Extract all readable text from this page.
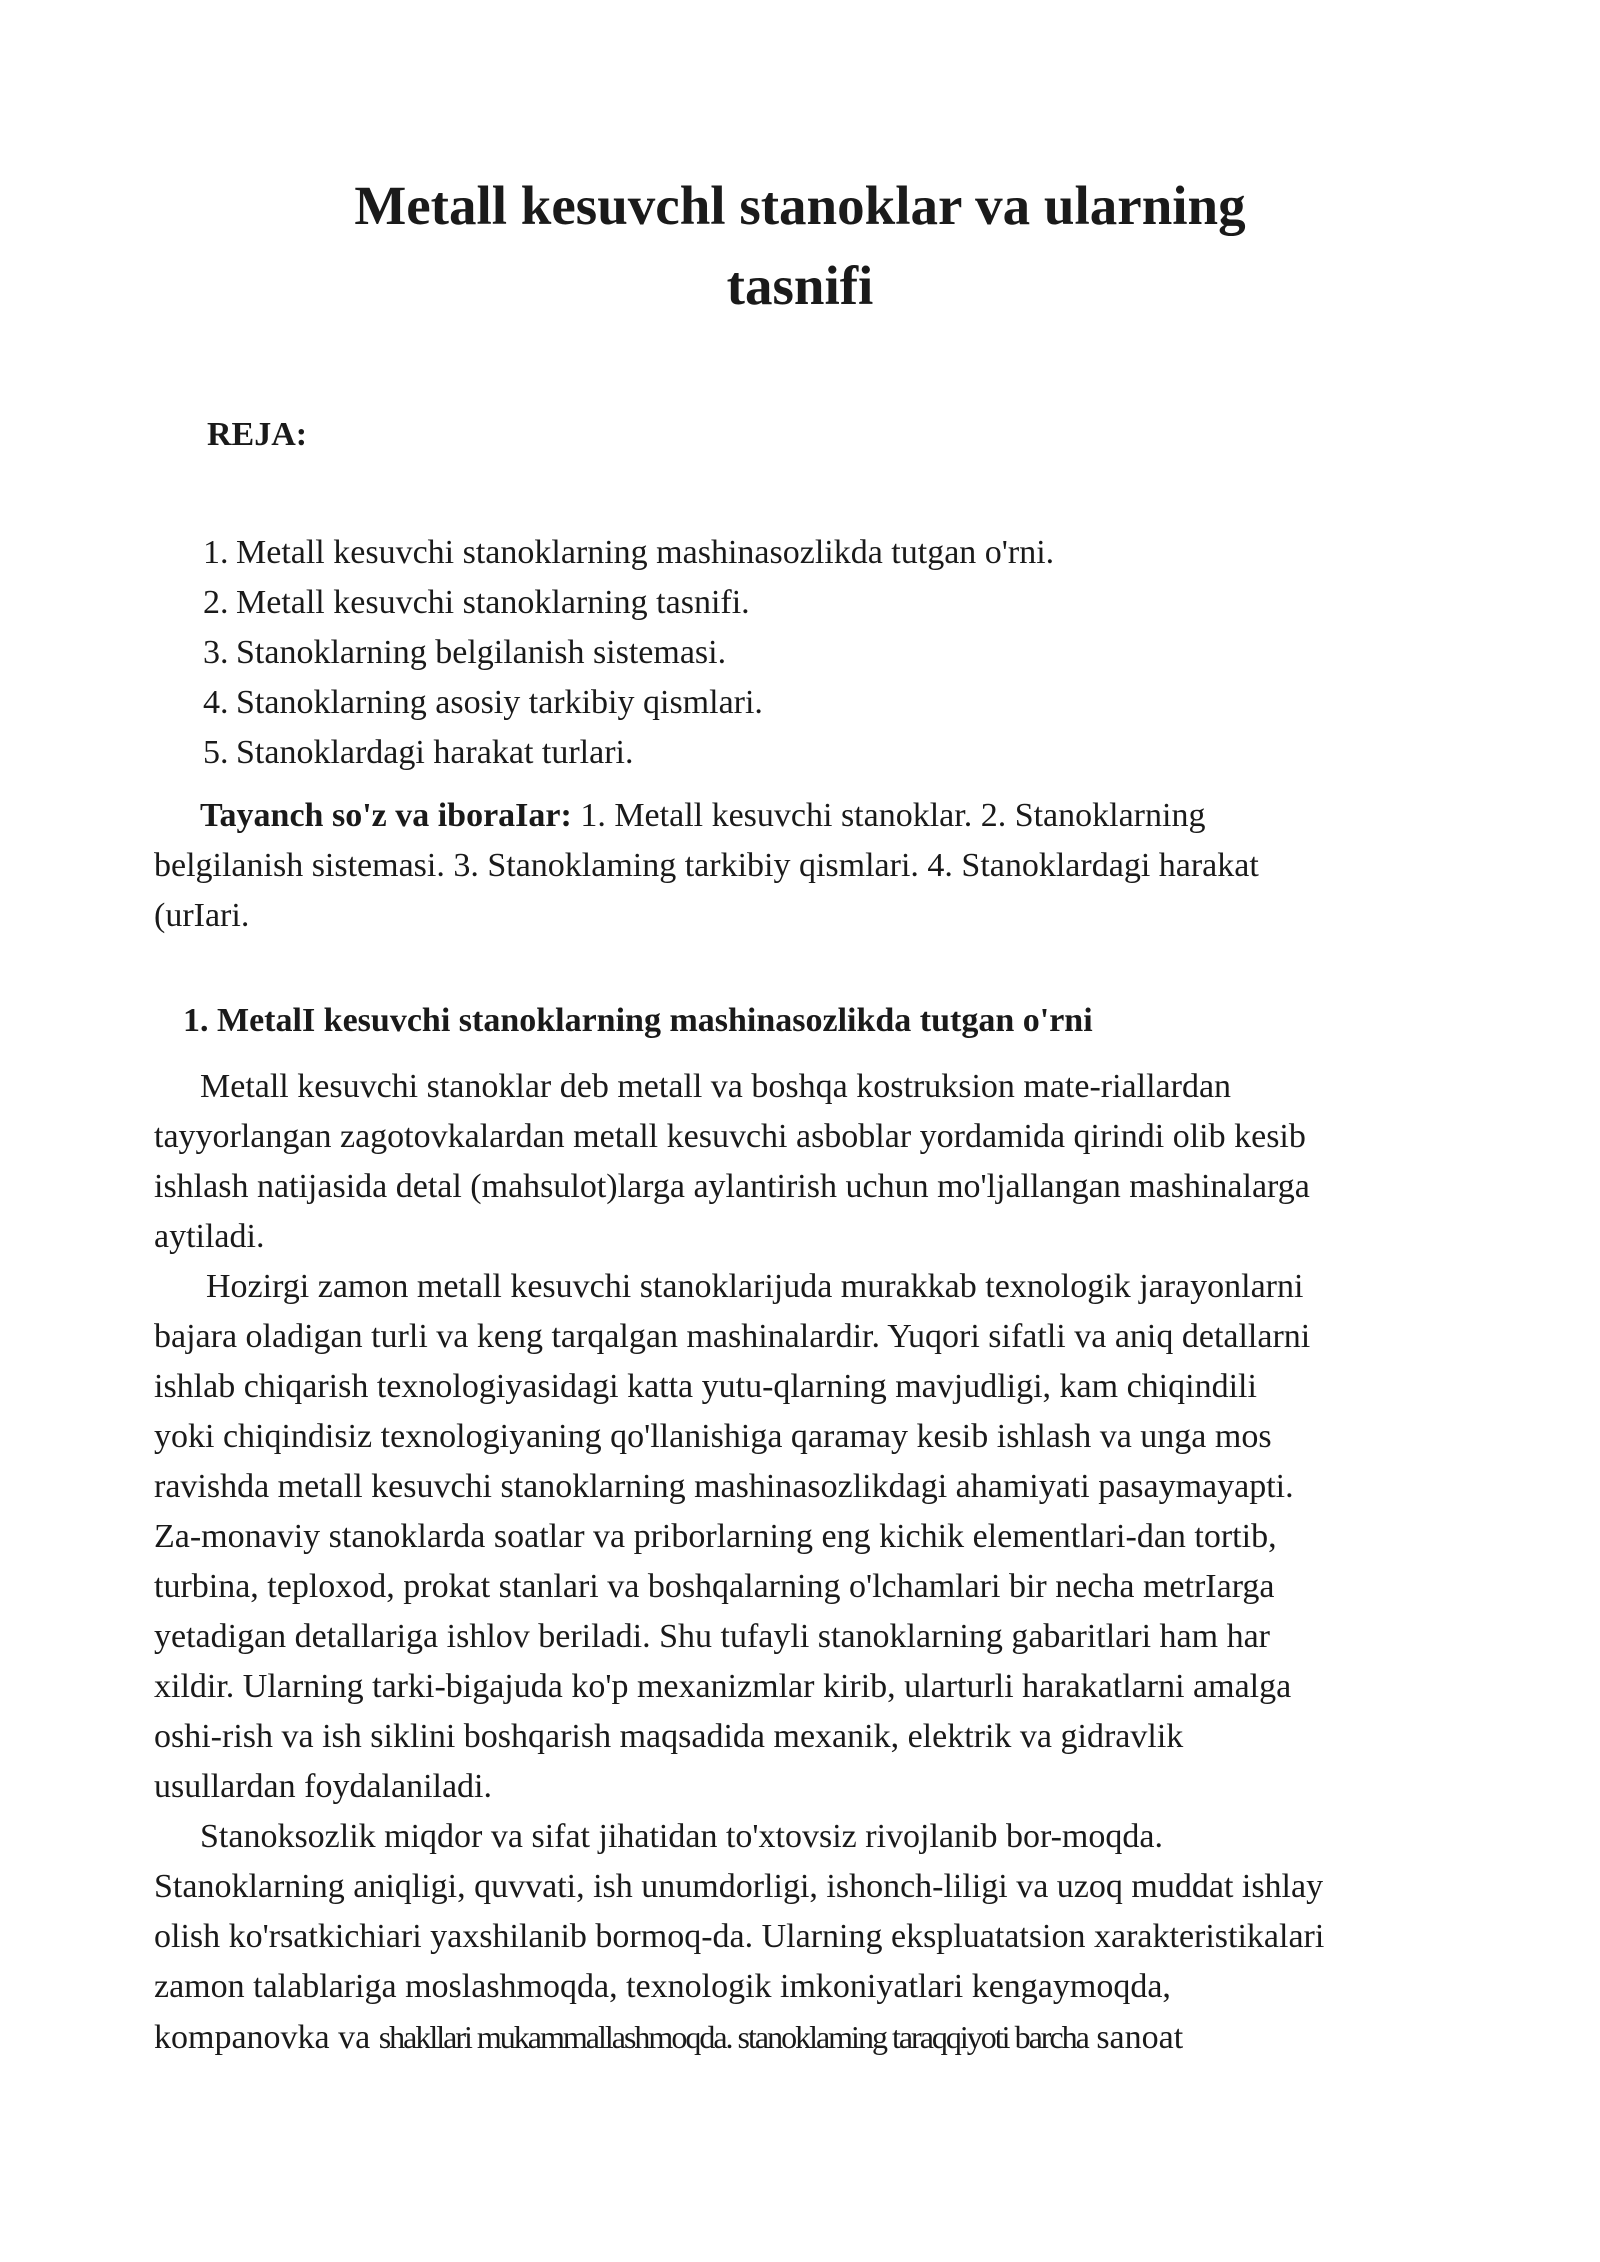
Metall kesuvchl stanoklar va ularning
tasnifi
REJA:
1. Metall kesuvchi stanoklarning mashinasozlikda tutgan o'rni.
2. Metall kesuvchi stanoklarning tasnifi.
3. Stanoklarning belgilanish sistemasi.
4. Stanoklarning asosiy tarkibiy qismlari.
5. Stanoklardagi harakat turlari.
Tayanch so'z va iboraIar: 1. Metall kesuvchi stanoklar. 2. Stanoklarning
belgilanish sistemasi. 3. Stanoklaming tarkibiy qismlari. 4. Stanoklardagi harakat
(urIari.
1. MetalI kesuvchi stanoklarning mashinasozlikda tutgan o'rni
Metall kesuvchi stanoklar deb metall va boshqa kostruksion mate-riallardan
tayyorlangan zagotovkalardan metall kesuvchi asboblar yordamida qirindi olib kesib
ishlash natijasida detal (mahsulot)larga aylantirish uchun mo'ljallangan mashinalarga
aytiladi.
Hozirgi zamon metall kesuvchi stanoklarijuda murakkab texnologik jarayonlarni
bajara oladigan turli va keng tarqalgan mashinalardir. Yuqori sifatli va aniq detallarni
ishlab chiqarish texnologiyasidagi katta yutu-qlarning mavjudligi, kam chiqindili
yoki chiqindisiz texnologiyaning qo'llanishiga qaramay kesib ishlash va unga mos
ravishda metall kesuvchi stanoklarning mashinasozlikdagi ahamiyati pasaymayapti.
Za-monaviy stanoklarda soatlar va priborlarning eng kichik elementlari-dan tortib,
turbina, teploxod, prokat stanlari va boshqalarning o'lchamlari bir necha metrIarga
yetadigan detallariga ishlov beriladi. Shu tufayli stanoklarning gabaritlari ham har
xildir. Ularning tarki-bigajuda ko'p mexanizmlar kirib, ularturli harakatlarni amalga
oshi-rish va ish siklini boshqarish maqsadida mexanik, elektrik va gidravlik
usullardan foydalaniladi.
Stanoksozlik miqdor va sifat jihatidan to'xtovsiz rivojlanib bor-moqda.
Stanoklarning aniqligi, quvvati, ish unumdorligi, ishonch-liligi va uzoq muddat ishlay
olish ko'rsatkichiari yaxshilanib bormoq-da. Ularning ekspluatatsion xarakteristikalari
zamon talablariga moslashmoqda, texnologik imkoniyatlari kengaymoqda,
kompanovka va shakllari mukammallashmoqda. stanoklaming taraqqiyoti barcha sanoat
